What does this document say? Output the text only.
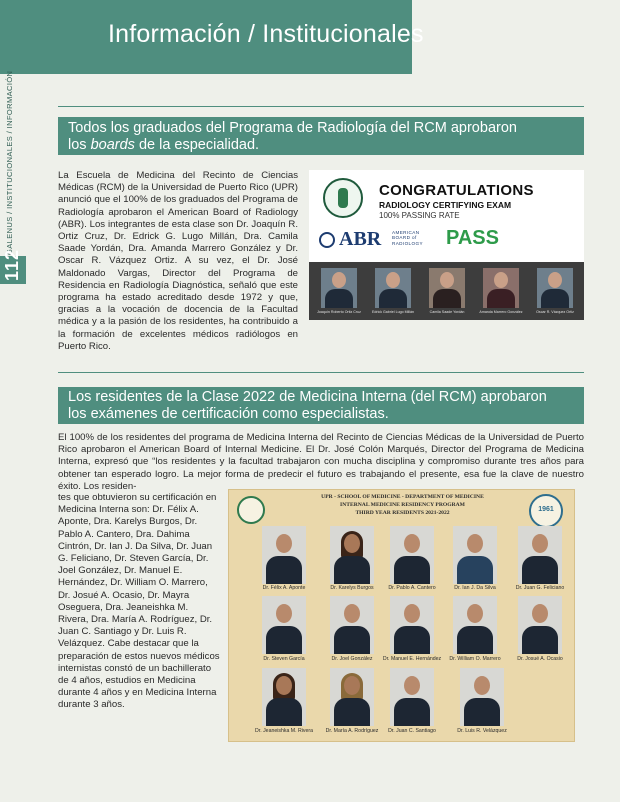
Información / Institucionales
GALENUS / INSTITUCIONALES / INFORMACIÓN
112
Todos los graduados del Programa de Radiología del RCM aprobaron
los boards de la especialidad.
La Escuela de Medicina del Recinto de Ciencias Médicas (RCM) de la Universidad de Puerto Rico (UPR) anunció que el 100% de los graduados del Programa de Radiología aprobaron el American Board of Radiology (ABR). Los integrantes de esta clase son Dr. Joaquín R. Ortiz Cruz, Dr. Edrick G. Lugo Millán, Dra. Camila Saade Yordán, Dra. Amanda Marrero González y Dr. Oscar R. Vázquez Ortiz. A su vez, el Dr. José Maldonado Vargas, Director del Programa de Residencia en Radiología Diagnóstica, señaló que este programa ha estado acreditado desde 1972 y que, gracias a la vocación de docencia de la Facultad médica y a la pasión de los residentes, ha contribuido a la formación de excelentes médicos radiólogos en Puerto Rico.
CONGRATULATIONS
RADIOLOGY CERTIFYING EXAM
100% PASSING RATE
ABR AMERICAN
BOARD of
RADIOLOGY PASS
Joaquín Roberto Ortiz Cruz	Edrick Gabriel Lugo Millán	Camila Saade Yordán	Amanda Marrero González	Oscar R. Vázquez Ortiz
Los residentes de la Clase 2022 de Medicina Interna (del RCM) aprobaron
los exámenes de certificación como especialistas.
El 100% de los residentes del programa de Medicina Interna del Recinto de Ciencias Médicas de la Universidad de Puerto Rico aprobaron el American Board of Internal Medicine. El Dr. José Colón Marqués, Director del Programa de Medicina Interna, expresó que “los residentes y la facultad trabajaron con mucha disciplina y compromiso durante tres años para obtener tan esperado logro. La mejor forma de predecir el futuro es trabajando el presente, esa fue la clave de nuestro éxito. Los residen-
tes que obtuvieron su certificación en Medicina Interna son: Dr. Félix A. Aponte, Dra. Karelys Burgos, Dr. Pablo A. Cantero, Dra. Dahima Cintrón, Dr. Ian J. Da Silva, Dr. Juan G. Feliciano, Dr. Steven García, Dr. Joel González, Dr. Manuel E. Hernández, Dr. William O. Marrero, Dr. Josué A. Ocasio, Dr. Mayra Oseguera, Dra. Jeaneishka M. Rivera, Dra. María A. Rodríguez, Dr. Juan C. Santiago y Dr. Luis R. Velázquez. Cabe destacar que la preparación de estos nuevos médicos internistas constó de un bachillerato de 4 años, estudios en Medicina durante 4 años y en Medicina Interna durante 3 años.
1961
UPR - SCHOOL OF MEDICINE - DEPARTMENT OF MEDICINE
INTERNAL MEDICINE RESIDENCY PROGRAM
THIRD YEAR RESIDENTS 2021-2022
Dr. Félix A. Aponte	Dr. Karelys Burgos	Dr. Pablo A. Cantero	Dr. Ian J. Da Silva	Dr. Juan G. Feliciano
Dr. Steven García	Dr. Joel González	Dr. Manuel E. Hernández	Dr. William O. Marrero	Dr. Josué A. Ocasio
Dr. Jeaneishka M. Rivera	Dr. María A. Rodríguez	Dr. Juan C. Santiago	Dr. Luis R. Velázquez
